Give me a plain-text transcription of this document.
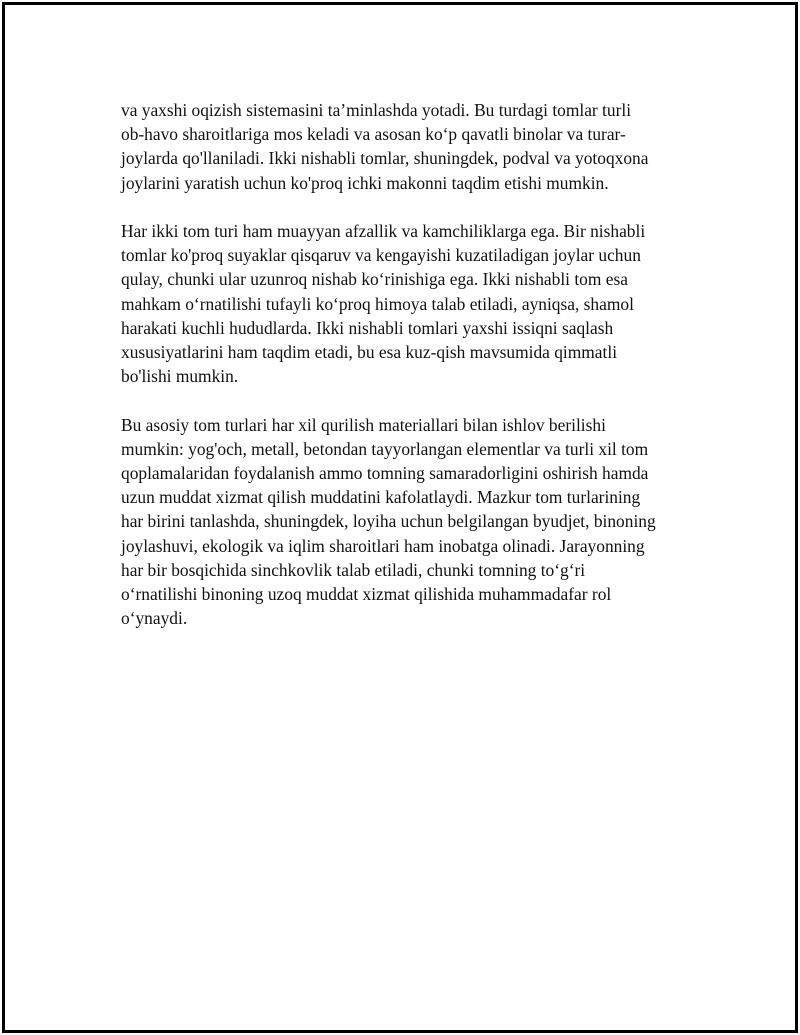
va yaxshi oqizish sistemasini ta’minlashda yotadi. Bu turdagi tomlar turli
ob-havo sharoitlariga mos keladi va asosan ko‘p qavatli binolar va turar-
joylarda qo'llaniladi. Ikki nishabli tomlar, shuningdek, podval va yotoqxona
joylarini yaratish uchun ko'proq ichki makonni taqdim etishi mumkin.

Har ikki tom turi ham muayyan afzallik va kamchiliklarga ega. Bir nishabli
tomlar ko'proq suyaklar qisqaruv va kengayishi kuzatiladigan joylar uchun
qulay, chunki ular uzunroq nishab ko‘rinishiga ega. Ikki nishabli tom esa
mahkam o‘rnatilishi tufayli ko‘proq himoya talab etiladi, ayniqsa, shamol
harakati kuchli hududlarda. Ikki nishabli tomlari yaxshi issiqni saqlash
xususiyatlarini ham taqdim etadi, bu esa kuz-qish mavsumida qimmatli
bo'lishi mumkin.

Bu asosiy tom turlari har xil qurilish materiallari bilan ishlov berilishi
mumkin: yog'och, metall, betondan tayyorlangan elementlar va turli xil tom
qoplamalaridan foydalanish ammo tomning samaradorligini oshirish hamda
uzun muddat xizmat qilish muddatini kafolatlaydi. Mazkur tom turlarining
har birini tanlashda, shuningdek, loyiha uchun belgilangan byudjet, binoning
joylashuvi, ekologik va iqlim sharoitlari ham inobatga olinadi. Jarayonning
har bir bosqichida sinchkovlik talab etiladi, chunki tomning to‘g‘ri
o‘rnatilishi binoning uzoq muddat xizmat qilishida muhammadafar rol
o‘ynaydi.
